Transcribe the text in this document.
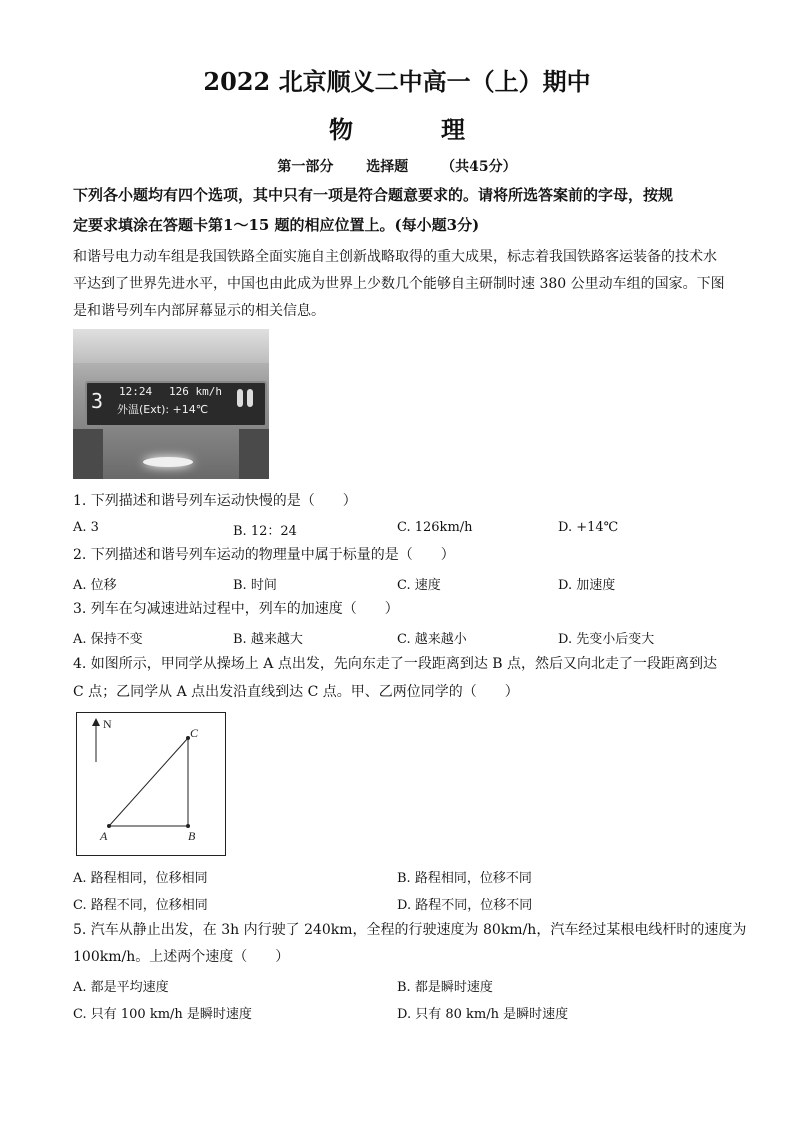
2022 北京顺义二中高一（上）期中
物　理
第一部分 选择题 （共45分）
下列各小题均有四个选项，其中只有一项是符合题意要求的。请将所选答案前的字母，按规
定要求填涂在答题卡第1～15 题的相应位置上。(每小题3分)
和谐号电力动车组是我国铁路全面实施自主创新战略取得的重大成果，标志着我国铁路客运装备的技术水
平达到了世界先进水平，中国也由此成为世界上少数几个能够自主研制时速 380 公里动车组的国家。下图
是和谐号列车内部屏幕显示的相关信息。
3 12:24 126 km/h
外温(Ext): +14℃
1. 下列描述和谐号列车运动快慢的是（　　）
A. 3	B. 12：24	C. 126km/h	D. +14℃
2. 下列描述和谐号列车运动的物理量中属于标量的是（　　）
A. 位移	B. 时间	C. 速度	D. 加速度
3. 列车在匀减速进站过程中，列车的加速度（　　）
A. 保持不变	B. 越来越大	C. 越来越小	D. 先变小后变大
4. 如图所示，甲同学从操场上 A 点出发，先向东走了一段距离到达 B 点，然后又向北走了一段距离到达
C 点；乙同学从 A 点出发沿直线到达 C 点。甲、乙两位同学的（　　）
N
A	B
C
A. 路程相同，位移相同	B. 路程相同，位移不同
C. 路程不同，位移相同	D. 路程不同，位移不同
5. 汽车从静止出发，在 3h 内行驶了 240km，全程的行驶速度为 80km/h，汽车经过某根电线杆时的速度为
100km/h。上述两个速度（　　）
A. 都是平均速度	B. 都是瞬时速度
C. 只有 100 km/h 是瞬时速度	D. 只有 80 km/h 是瞬时速度
